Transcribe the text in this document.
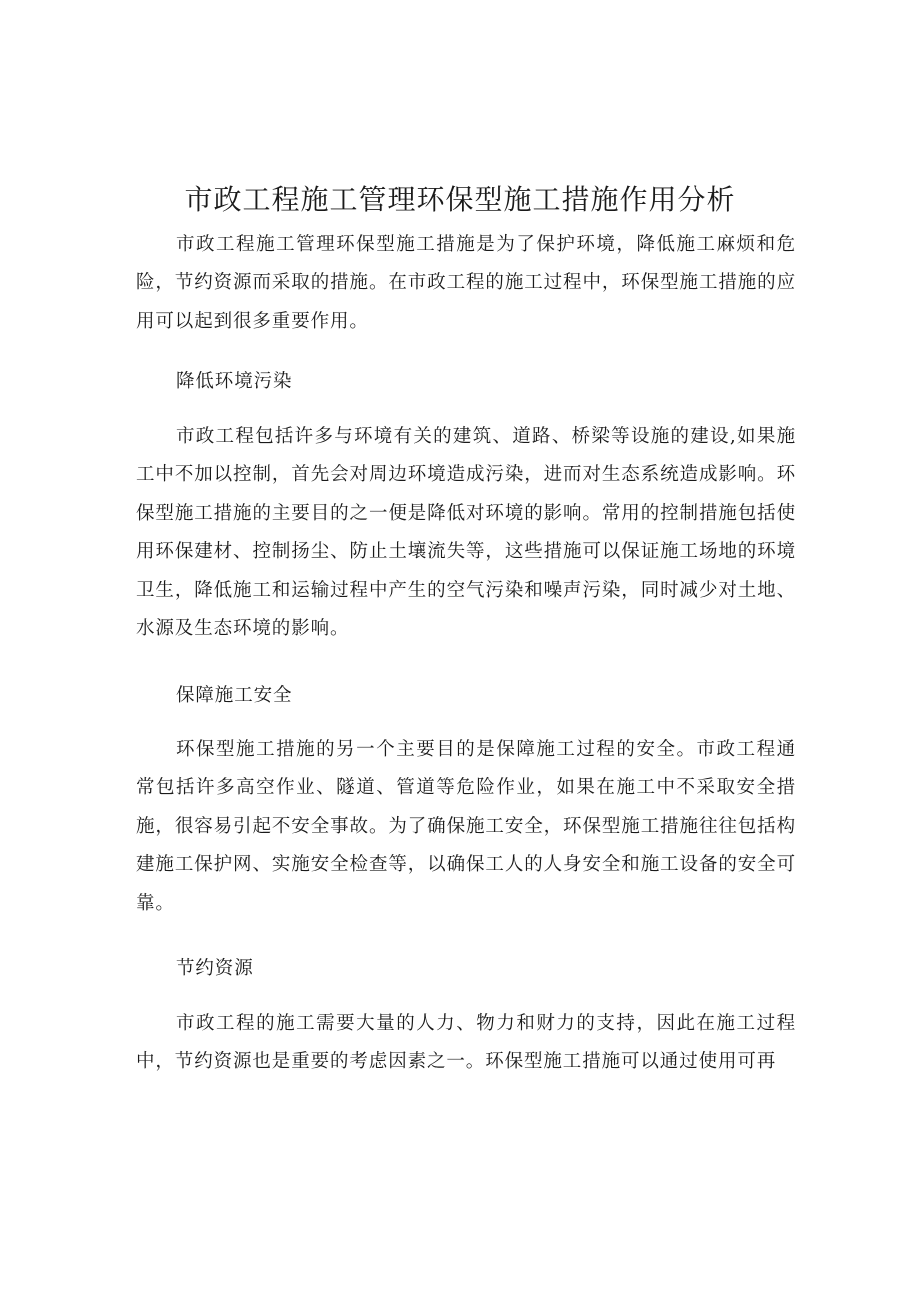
市政工程施工管理环保型施工措施作用分析

市政工程施工管理环保型施工措施是为了保护环境，降低施工麻烦和危险，节约资源而采取的措施。在市政工程的施工过程中，环保型施工措施的应用可以起到很多重要作用。

降低环境污染

市政工程包括许多与环境有关的建筑、道路、桥梁等设施的建设,如果施工中不加以控制，首先会对周边环境造成污染，进而对生态系统造成影响。环保型施工措施的主要目的之一便是降低对环境的影响。常用的控制措施包括使用环保建材、控制扬尘、防止土壤流失等，这些措施可以保证施工场地的环境卫生，降低施工和运输过程中产生的空气污染和噪声污染，同时减少对土地、水源及生态环境的影响。

保障施工安全

环保型施工措施的另一个主要目的是保障施工过程的安全。市政工程通常包括许多高空作业、隧道、管道等危险作业，如果在施工中不采取安全措施，很容易引起不安全事故。为了确保施工安全，环保型施工措施往往包括构建施工保护网、实施安全检查等，以确保工人的人身安全和施工设备的安全可靠。

节约资源

市政工程的施工需要大量的人力、物力和财力的支持，因此在施工过程中，节约资源也是重要的考虑因素之一。环保型施工措施可以通过使用可再
